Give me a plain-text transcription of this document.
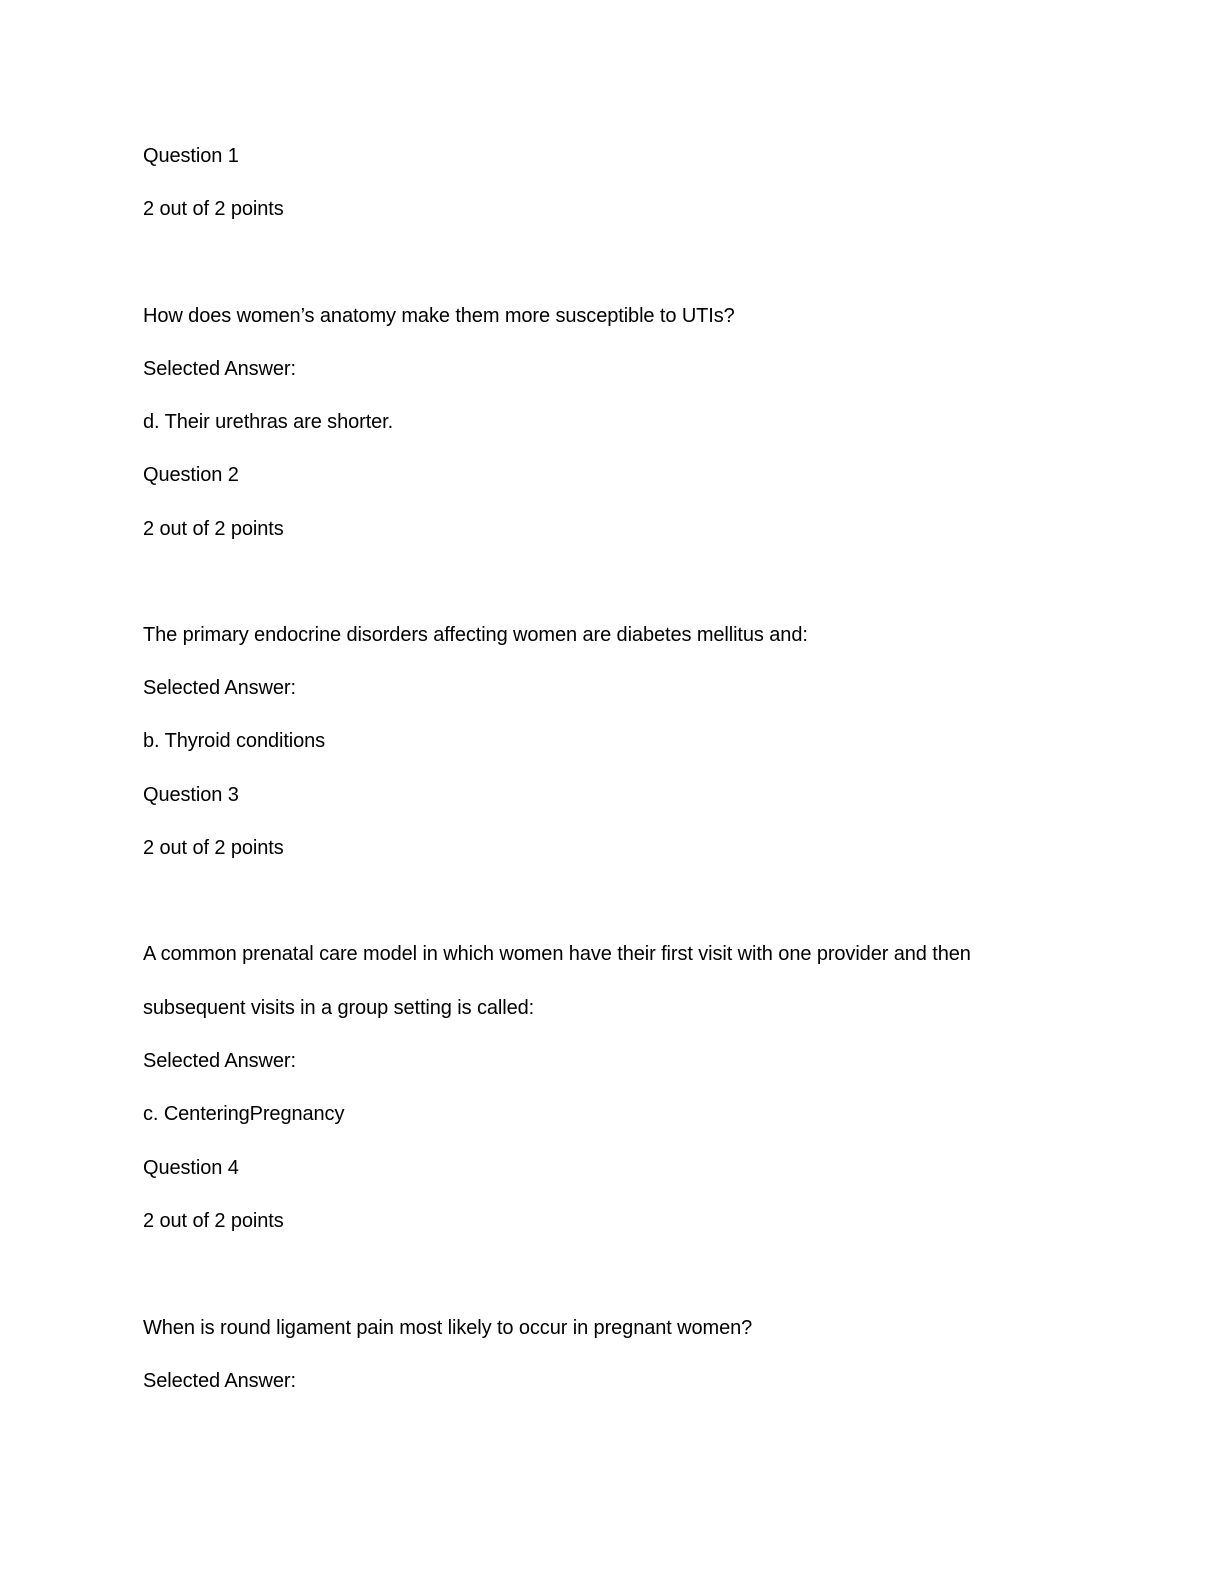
Question 1
2 out of 2 points
How does women’s anatomy make them more susceptible to UTIs?
Selected Answer:
d. Their urethras are shorter.
Question 2
2 out of 2 points
The primary endocrine disorders affecting women are diabetes mellitus and:
Selected Answer:
b. Thyroid conditions
Question 3
2 out of 2 points
A common prenatal care model in which women have their first visit with one provider and then
subsequent visits in a group setting is called:
Selected Answer:
c. CenteringPregnancy
Question 4
2 out of 2 points
When is round ligament pain most likely to occur in pregnant women?
Selected Answer:
